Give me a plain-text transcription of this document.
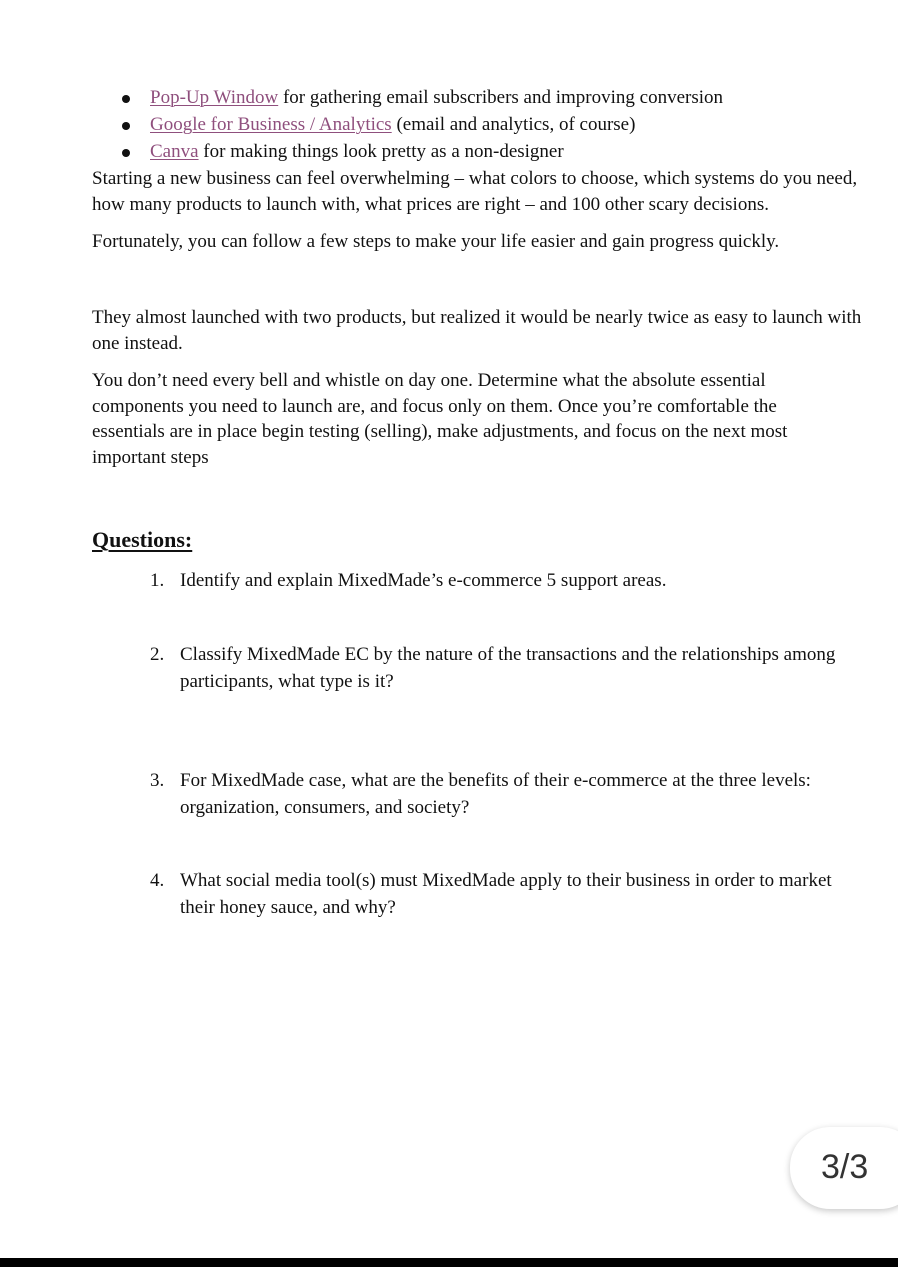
Pop-Up Window for gathering email subscribers and improving conversion
Google for Business / Analytics (email and analytics, of course)
Canva for making things look pretty as a non-designer

Starting a new business can feel overwhelming – what colors to choose, which systems do you need, how many products to launch with, what prices are right – and 100 other scary decisions.

Fortunately, you can follow a few steps to make your life easier and gain progress quickly.

They almost launched with two products, but realized it would be nearly twice as easy to launch with one instead.

You don’t need every bell and whistle on day one. Determine what the absolute essential components you need to launch are, and focus only on them. Once you’re comfortable the essentials are in place begin testing (selling), make adjustments, and focus on the next most important steps

Questions:
1. Identify and explain MixedMade’s e-commerce 5 support areas.
2. Classify MixedMade EC by the nature of the transactions and the relationships among participants, what type is it?
3. For MixedMade case, what are the benefits of their e-commerce at the three levels: organization, consumers, and society?
4. What social media tool(s) must MixedMade apply to their business in order to market their honey sauce, and why?
3/3
